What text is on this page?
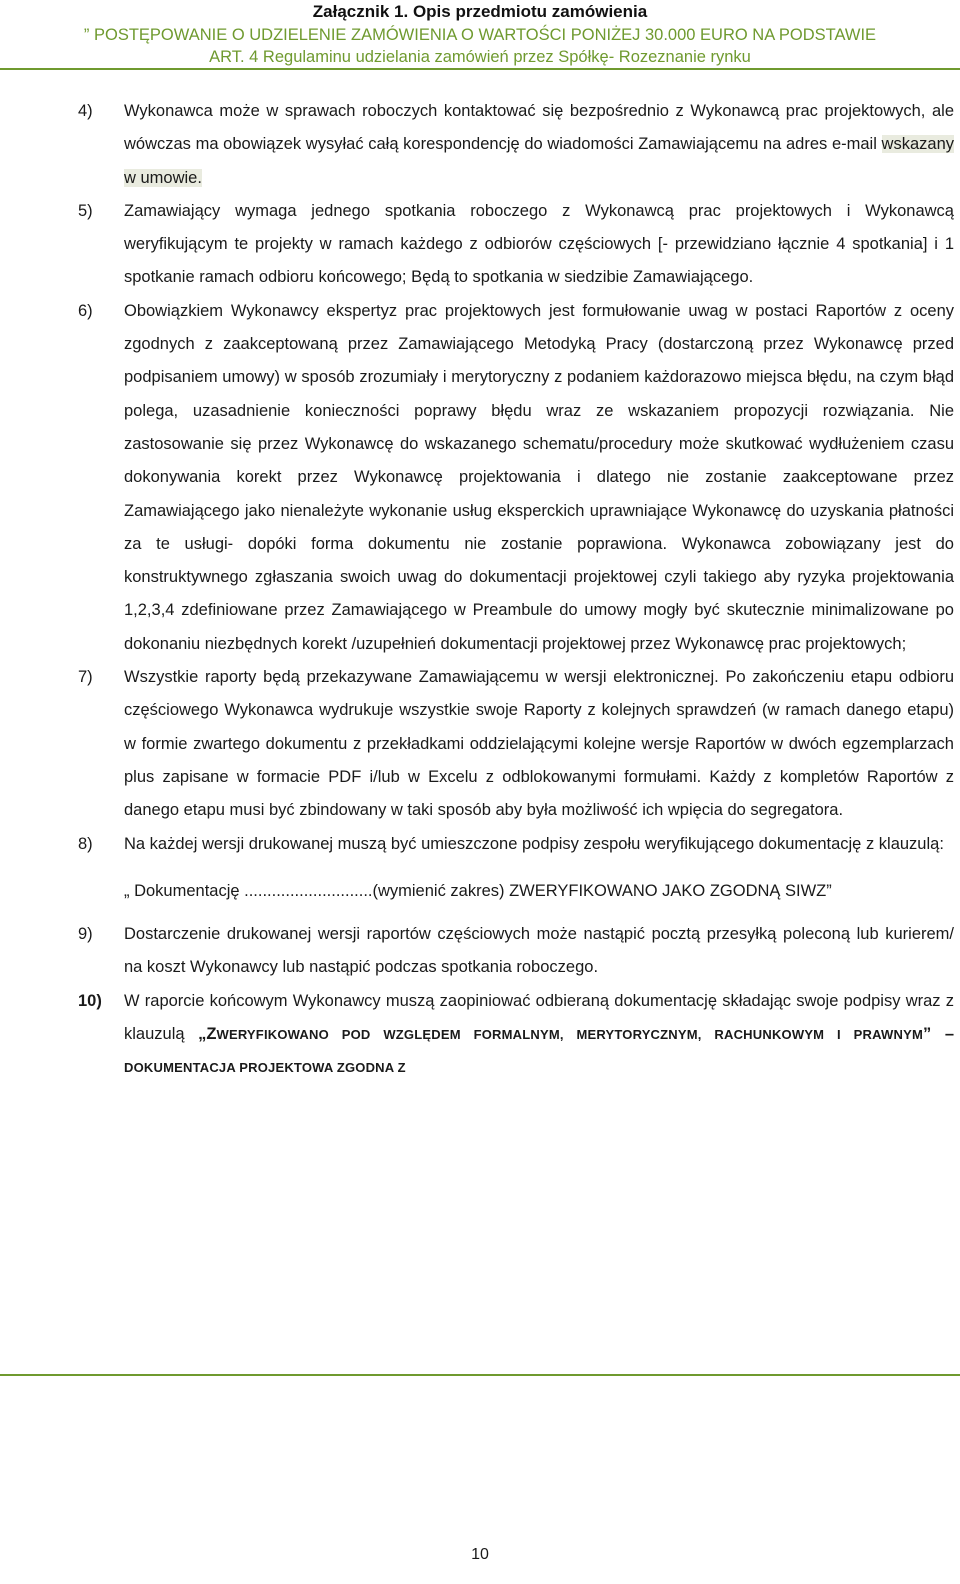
Załącznik 1. Opis przedmiotu zamówienia
” POSTĘPOWANIE O UDZIELENIE ZAMÓWIENIA O WARTOŚCI PONIŻEJ 30.000 EURO NA PODSTAWIE
ART. 4 Regulaminu udzielania zamówień przez Spółkę- Rozeznanie rynku
4)	Wykonawca może w sprawach roboczych kontaktować się bezpośrednio z Wykonawcą prac projektowych, ale wówczas ma obowiązek wysyłać całą korespondencję do wiadomości Zamawiającemu na adres e-mail wskazany w umowie.
5)	Zamawiający wymaga jednego spotkania roboczego z Wykonawcą prac projektowych i Wykonawcą weryfikującym te projekty w ramach każdego z odbiorów częściowych [- przewidziano łącznie 4 spotkania] i 1 spotkanie ramach odbioru końcowego; Będą to spotkania w siedzibie Zamawiającego.
6)	Obowiązkiem Wykonawcy ekspertyz prac projektowych jest formułowanie uwag w postaci Raportów z oceny zgodnych z zaakceptowaną przez Zamawiającego Metodyką Pracy (dostarczoną przez Wykonawcę przed podpisaniem umowy) w sposób zrozumiały i merytoryczny z podaniem każdorazowo miejsca błędu, na czym błąd polega, uzasadnienie konieczności poprawy błędu wraz ze wskazaniem propozycji rozwiązania. Nie zastosowanie się przez Wykonawcę do wskazanego schematu/procedury może skutkować wydłużeniem czasu dokonywania korekt przez Wykonawcę projektowania i dlatego nie zostanie zaakceptowane przez Zamawiającego jako nienależyte wykonanie usług eksperckich uprawniające Wykonawcę do uzyskania płatności za te usługi- dopóki forma dokumentu nie zostanie poprawiona. Wykonawca zobowiązany jest do konstruktywnego zgłaszania swoich uwag do dokumentacji projektowej czyli takiego aby ryzyka projektowania 1,2,3,4 zdefiniowane przez Zamawiającego w Preambule do umowy mogły być skutecznie minimalizowane po dokonaniu niezbędnych korekt /uzupełnień dokumentacji projektowej przez Wykonawcę prac projektowych;
7)	Wszystkie raporty będą przekazywane Zamawiającemu w wersji elektronicznej. Po zakończeniu etapu odbioru częściowego Wykonawca wydrukuje wszystkie swoje Raporty z kolejnych sprawdzeń (w ramach danego etapu) w formie zwartego dokumentu z przekładkami oddzielającymi kolejne wersje Raportów w dwóch egzemplarzach plus zapisane w formacie PDF i/lub w Excelu z odblokowanymi formułami. Każdy z kompletów Raportów z danego etapu musi być zbindowany w taki sposób aby była możliwość ich wpięcia do segregatora.
8)	Na każdej wersji drukowanej muszą być umieszczone podpisy zespołu weryfikującego dokumentację z klauzulą:
„ Dokumentację ............................(wymienić zakres) ZWERYFIKOWANO JAKO ZGODNĄ SIWZ”
9)	Dostarczenie drukowanej wersji raportów częściowych może nastąpić pocztą przesyłką poleconą lub kurierem/ na koszt Wykonawcy lub nastąpić podczas spotkania roboczego.
10)	W raporcie końcowym Wykonawcy muszą zaopiniować odbieraną dokumentację składając swoje podpisy wraz z klauzulą „ZWERYFIKOWANO POD WZGLĘDEM FORMALNYM, MERYTORYCZNYM, RACHUNKOWYM I PRAWNYM” – DOKUMENTACJA PROJEKTOWA ZGODNA Z
10
